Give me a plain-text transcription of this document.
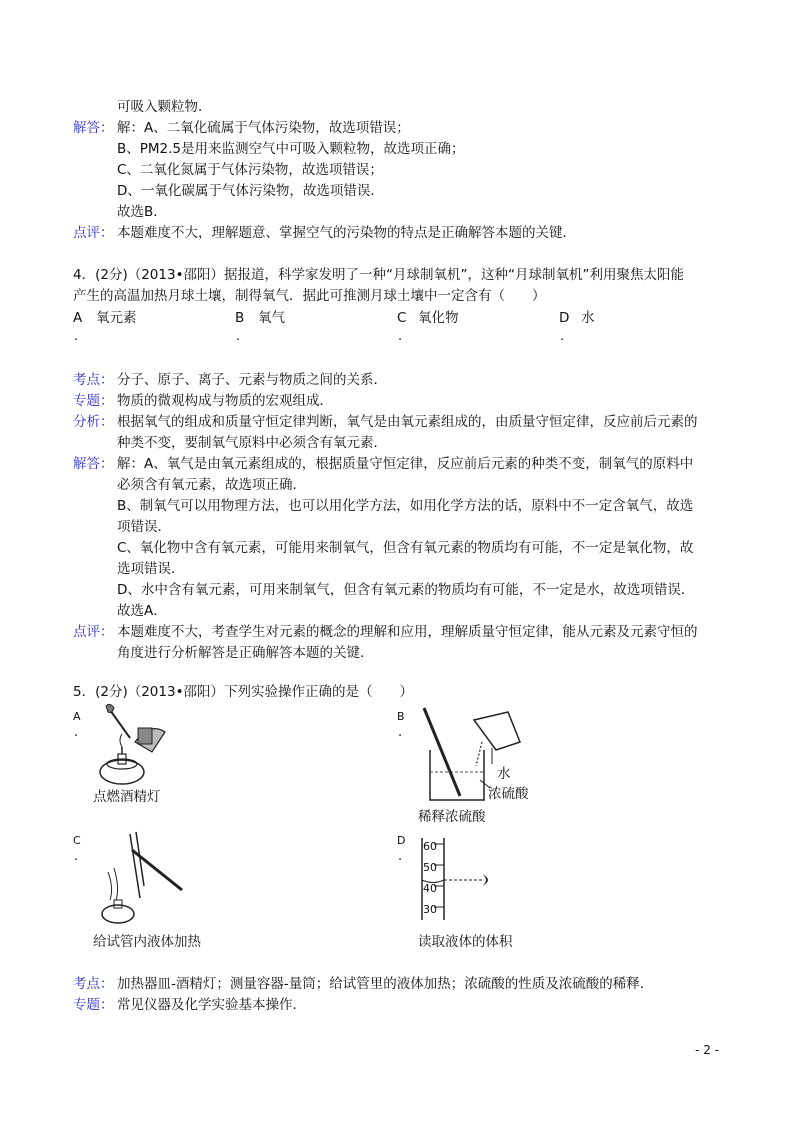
可吸入颗粒物．
解答： 解：A、二氧化硫属于气体污染物，故选项错误；
B、PM2.5是用来监测空气中可吸入颗粒物，故选项正确；
C、二氧化氮属于气体污染物，故选项错误；
D、一氧化碳属于气体污染物，故选项错误．
故选B．
点评： 本题难度不大，理解题意、掌握空气的污染物的特点是正确解答本题的关键．
4．(2分)（2013•邵阳）据报道，科学家发明了一种“月球制氧机”，这种“月球制氧机”利用聚焦太阳能
产生的高温加热月球土壤，制得氧气．据此可推测月球土壤中一定含有（　　）
A 氧元素
.
B 氧气
.
C 氧化物
.
D 水
.
考点： 分子、原子、离子、元素与物质之间的关系．
专题： 物质的微观构成与物质的宏观组成．
分析： 根据氧气的组成和质量守恒定律判断，氧气是由氧元素组成的，由质量守恒定律，反应前后元素的
种类不变，要制氧气原料中必须含有氧元素．
解答： 解：A、氧气是由氧元素组成的，根据质量守恒定律，反应前后元素的种类不变，制氧气的原料中
必须含有氧元素，故选项正确．
B、制氧气可以用物理方法，也可以用化学方法，如用化学方法的话，原料中不一定含氧气，故选
项错误．
C、氧化物中含有氧元素，可能用来制氧气，但含有氧元素的物质均有可能，不一定是氧化物，故
选项错误．
D、水中含有氧元素，可用来制氧气，但含有氧元素的物质均有可能，不一定是水，故选项错误．
故选A．
点评： 本题难度不大，考查学生对元素的概念的理解和应用，理解质量守恒定律，能从元素及元素守恒的
角度进行分析解答是正确解答本题的关键．
5．(2分)（2013•邵阳）下列实验操作正确的是（　　）
A
.
点燃酒精灯
B
.
水
浓硫酸
稀释浓硫酸
C
.
给试管内液体加热
D
.
60
50
40
30
读取液体的体积
考点： 加热器皿-酒精灯；测量容器-量筒；给试管里的液体加热；浓硫酸的性质及浓硫酸的稀释．
专题： 常见仪器及化学实验基本操作．
- 2 -
